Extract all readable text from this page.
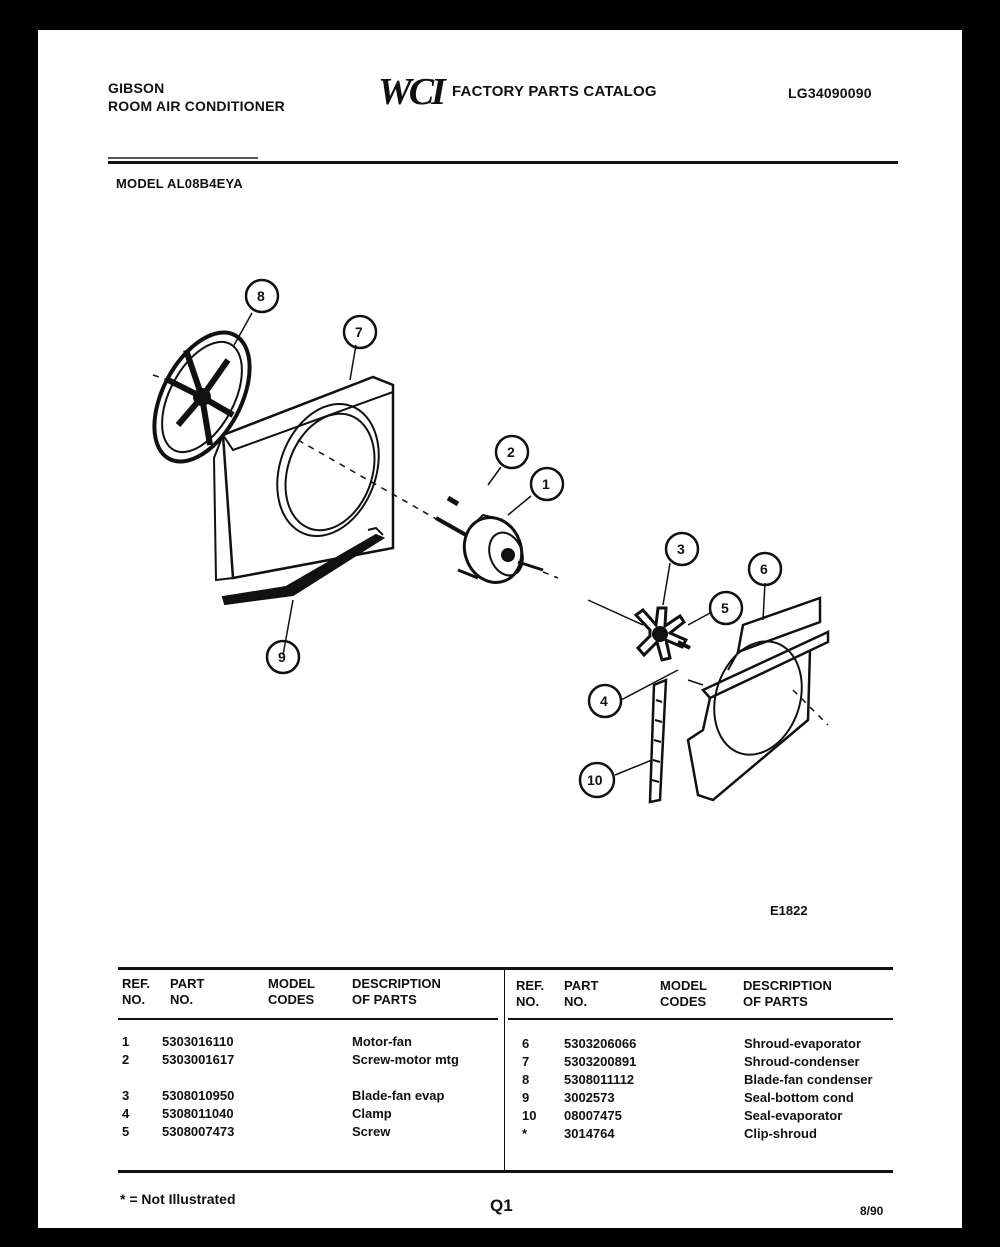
GIBSON
ROOM AIR CONDITIONER WCI FACTORY PARTS CATALOG	LG34090090
MODEL AL08B4EYA
8
7
2
1
3
6
5
4
10
9
E1822
REF.
NO.
PART
NO.
MODEL
CODES
DESCRIPTION
OF PARTS
REF.
NO.
PART
NO.
MODEL
CODES
DESCRIPTION
OF PARTS
1	5303016110		Motor-fan
2	5303001617		Screw-motor mtg

3	5308010950		Blade-fan evap
4	5308011040		Clamp
5	5308007473		Screw
6	5303206066		Shroud-evaporator
7	5303200891		Shroud-condenser
8	5308011112		Blade-fan condenser
9	3002573		Seal-bottom cond
10	08007475		Seal-evaporator
*	3014764		Clip-shroud
* = Not Illustrated	Q1	8/90
